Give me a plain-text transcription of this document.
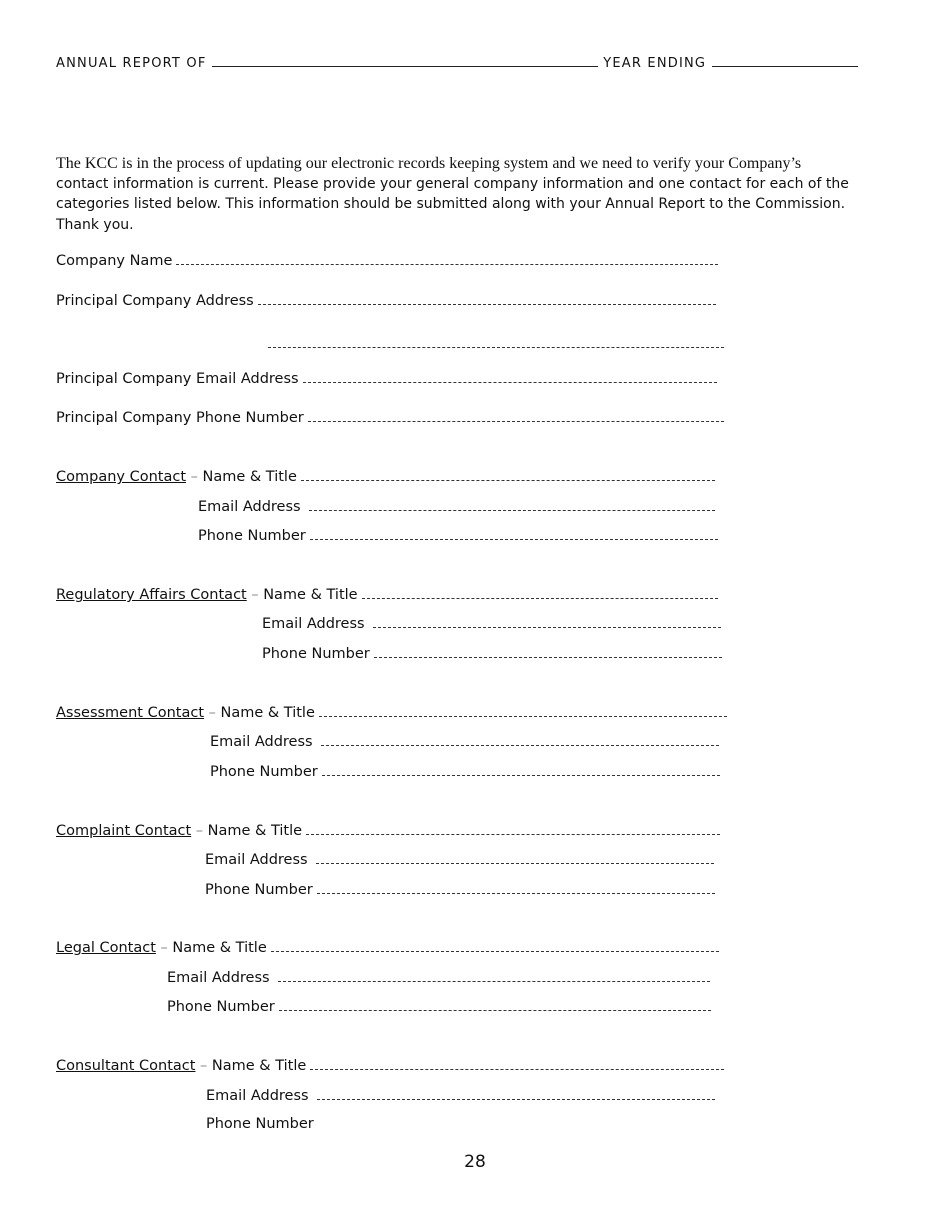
ANNUAL REPORT OF	YEAR ENDING
The KCC is in the process of updating our electronic records keeping system and we need to verify your Company’s contact information is current. Please provide your general company information and one contact for each of the categories listed below. This information should be submitted along with your Annual Report to the Commission. Thank you.
Company Name
Principal Company Address
Principal Company Email Address
Principal Company Phone Number
Company Contact – Name & Title
Email Address
Phone Number
Regulatory Affairs Contact – Name & Title
Email Address
Phone Number
Assessment Contact – Name & Title
Email Address
Phone Number
Complaint Contact – Name & Title
Email Address
Phone Number
Legal Contact – Name & Title
Email Address
Phone Number
Consultant Contact – Name & Title
Email Address
Phone Number
28
